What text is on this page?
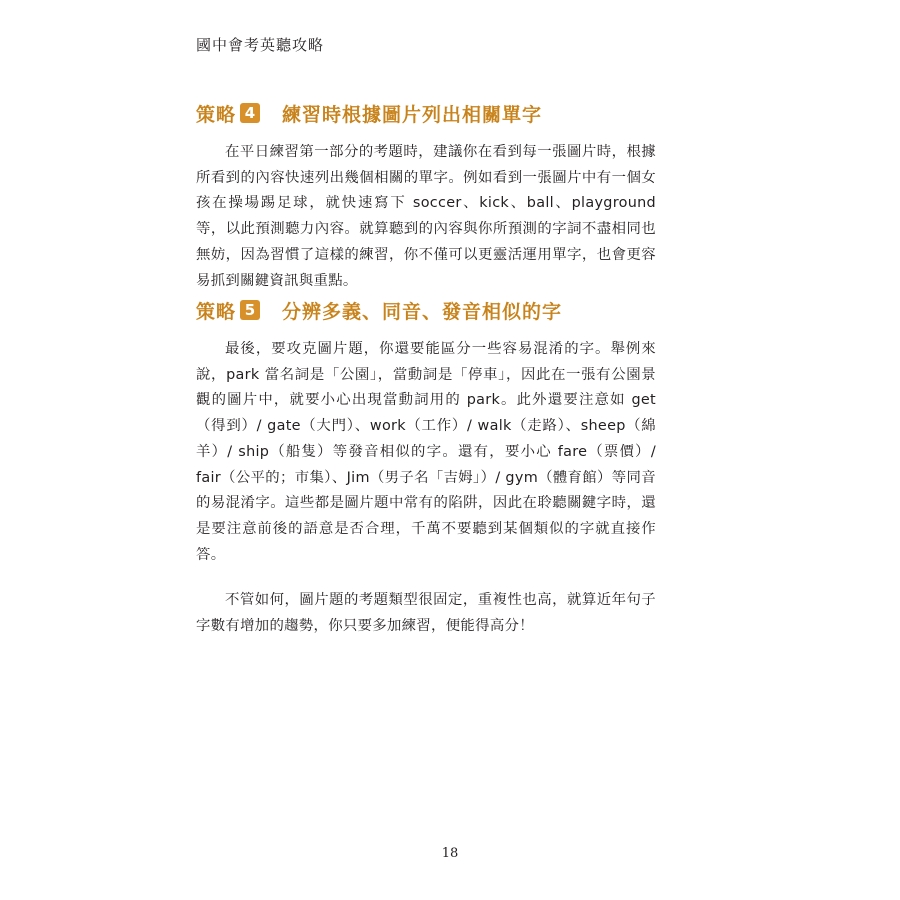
國中會考英聽攻略
策略 4 練習時根據圖片列出相關單字

在平日練習第一部分的考題時，建議你在看到每一張圖片時，根據所看到的內容快速列出幾個相關的單字。例如看到一張圖片中有一個女孩在操場踢足球，就快速寫下 soccer、kick、ball、playground 等，以此預測聽力內容。就算聽到的內容與你所預測的字詞不盡相同也無妨，因為習慣了這樣的練習，你不僅可以更靈活運用單字，也會更容易抓到關鍵資訊與重點。

策略 5 分辨多義、同音、發音相似的字

最後，要攻克圖片題，你還要能區分一些容易混淆的字。舉例來說，park 當名詞是「公園」，當動詞是「停車」，因此在一張有公園景觀的圖片中，就要小心出現當動詞用的 park。此外還要注意如 get（得到）/ gate（大門）、work（工作）/ walk（走路）、sheep（綿羊）/ ship（船隻）等發音相似的字。還有，要小心 fare（票價）/ fair（公平的；市集）、Jim（男子名「吉姆」）/ gym（體育館）等同音的易混淆字。這些都是圖片題中常有的陷阱，因此在聆聽關鍵字時，還是要注意前後的語意是否合理，千萬不要聽到某個類似的字就直接作答。

不管如何，圖片題的考題類型很固定，重複性也高，就算近年句子字數有增加的趨勢，你只要多加練習，便能得高分！

18
